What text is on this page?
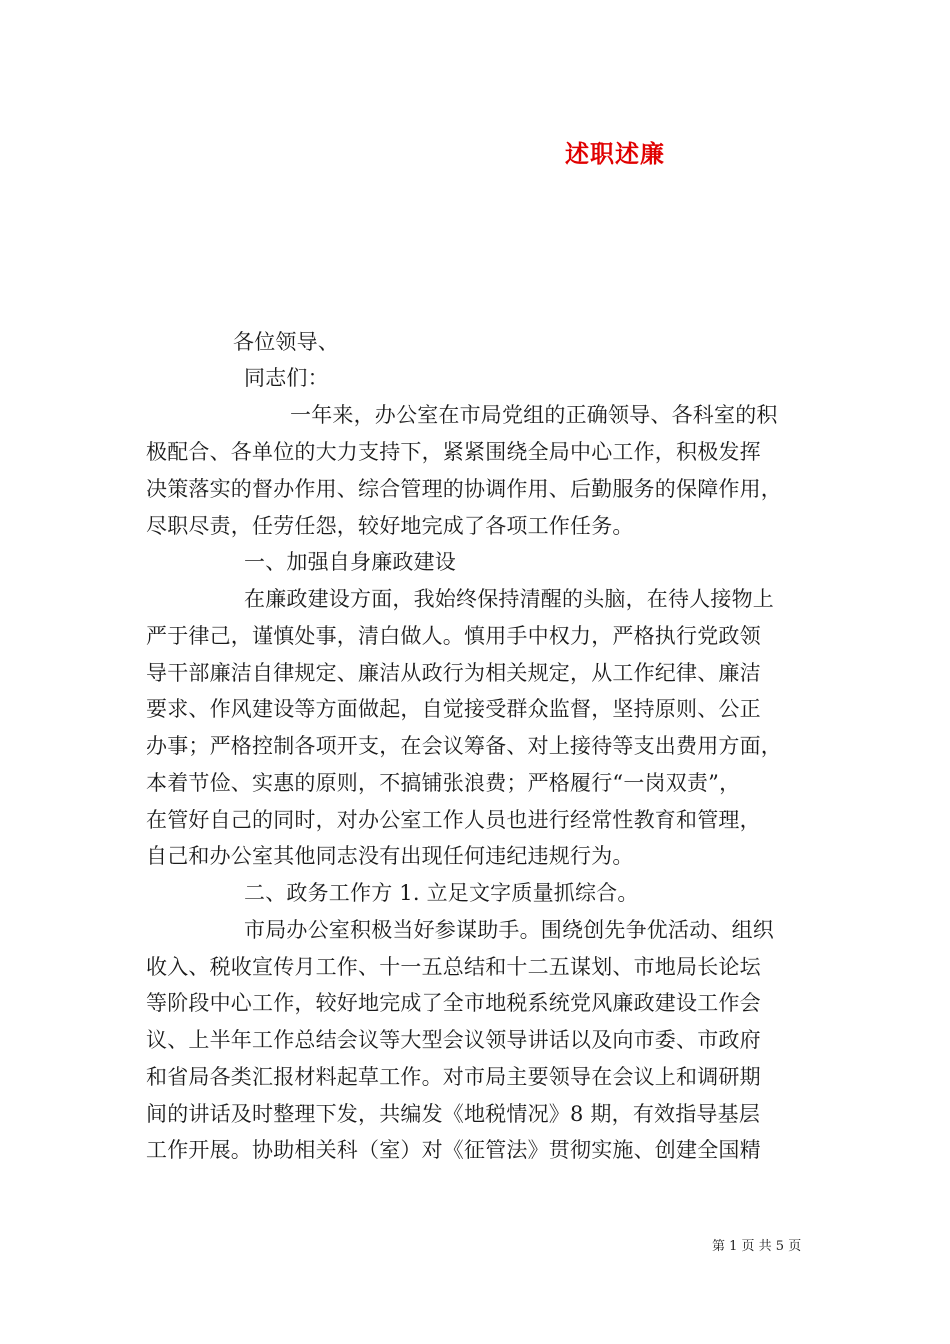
述职述廉
各位领导、
同志们：
一年来，办公室在市局党组的正确领导、各科室的积
极配合、各单位的大力支持下，紧紧围绕全局中心工作，积极发挥
决策落实的督办作用、综合管理的协调作用、后勤服务的保障作用，
尽职尽责，任劳任怨，较好地完成了各项工作任务。
一、加强自身廉政建设
在廉政建设方面，我始终保持清醒的头脑，在待人接物上
严于律己，谨慎处事，清白做人。慎用手中权力，严格执行党政领
导干部廉洁自律规定、廉洁从政行为相关规定，从工作纪律、廉洁
要求、作风建设等方面做起，自觉接受群众监督，坚持原则、公正
办事；严格控制各项开支，在会议筹备、对上接待等支出费用方面，
本着节俭、实惠的原则，不搞铺张浪费；严格履行“一岗双责”，
在管好自己的同时，对办公室工作人员也进行经常性教育和管理，
自己和办公室其他同志没有出现任何违纪违规行为。
二、政务工作方 1. 立足文字质量抓综合。
市局办公室积极当好参谋助手。围绕创先争优活动、组织
收入、税收宣传月工作、十一五总结和十二五谋划、市地局长论坛
等阶段中心工作，较好地完成了全市地税系统党风廉政建设工作会
议、上半年工作总结会议等大型会议领导讲话以及向市委、市政府
和省局各类汇报材料起草工作。对市局主要领导在会议上和调研期
间的讲话及时整理下发，共编发《地税情况》8 期，有效指导基层
工作开展。协助相关科（室）对《征管法》贯彻实施、创建全国精
第 1 页 共 5 页
